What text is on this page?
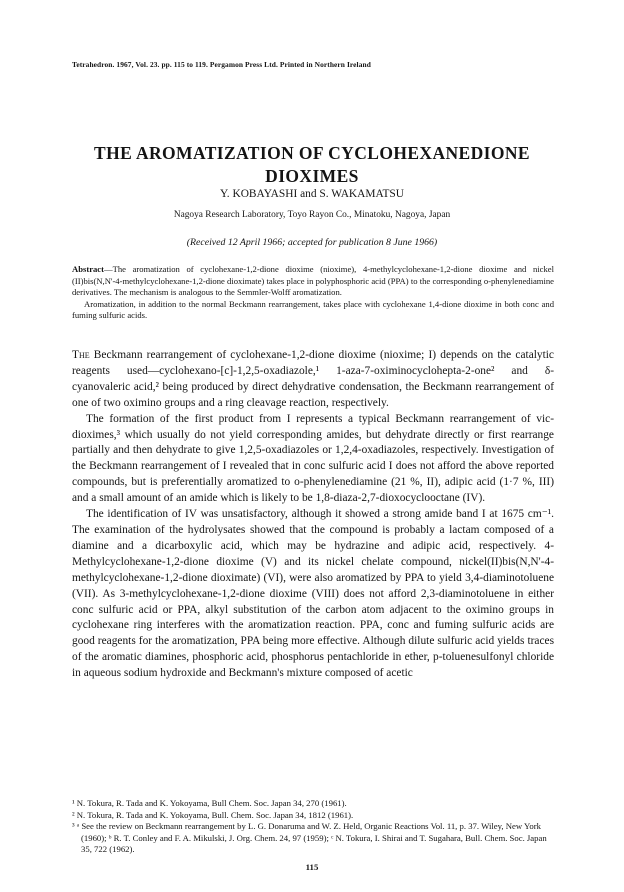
Tetrahedron. 1967, Vol. 23. pp. 115 to 119. Pergamon Press Ltd. Printed in Northern Ireland
THE AROMATIZATION OF CYCLOHEXANEDIONE
DIOXIMES
Y. KOBAYASHI and S. WAKAMATSU
Nagoya Research Laboratory, Toyo Rayon Co., Minatoku, Nagoya, Japan
(Received 12 April 1966; accepted for publication 8 June 1966)

Abstract—The aromatization of cyclohexane-1,2-dione dioxime (nioxime), 4-methylcyclohexane-1,2-dione dioxime and nickel (II)bis(N,N'-4-methylcyclohexane-1,2-dione dioximate) takes place in polyphosphoric acid (PPA) to the corresponding o-phenylenediamine derivatives. The mechanism is analogous to the Semmler-Wolff aromatization.

Aromatization, in addition to the normal Beckmann rearrangement, takes place with cyclohexane 1,4-dione dioxime in both conc and fuming sulfuric acids.

The Beckmann rearrangement of cyclohexane-1,2-dione dioxime (nioxime; I) depends on the catalytic reagents used—cyclohexano-[c]-1,2,5-oxadiazole,¹ 1-aza-7-oximinocyclohepta-2-one² and δ-cyanovaleric acid,² being produced by direct dehydrative condensation, the Beckmann rearrangement of one of two oximino groups and a ring cleavage reaction, respectively.

The formation of the first product from I represents a typical Beckmann rearrangement of vic-dioximes,³ which usually do not yield corresponding amides, but dehydrate directly or first rearrange partially and then dehydrate to give 1,2,5-oxadiazoles or 1,2,4-oxadiazoles, respectively. Investigation of the Beckmann rearrangement of I revealed that in conc sulfuric acid I does not afford the above reported compounds, but is preferentially aromatized to o-phenylenediamine (21 %, II), adipic acid (1·7 %, III) and a small amount of an amide which is likely to be 1,8-diaza-2,7-dioxocyclooctane (IV).

The identification of IV was unsatisfactory, although it showed a strong amide band I at 1675 cm⁻¹. The examination of the hydrolysates showed that the compound is probably a lactam composed of a diamine and a dicarboxylic acid, which may be hydrazine and adipic acid, respectively. 4-Methylcyclohexane-1,2-dione dioxime (V) and its nickel chelate compound, nickel(II)bis(N,N'-4-methylcyclohexane-1,2-dione dioximate) (VI), were also aromatized by PPA to yield 3,4-diaminotoluene (VII). As 3-methylcyclohexane-1,2-dione dioxime (VIII) does not afford 2,3-diaminotoluene in either conc sulfuric acid or PPA, alkyl substitution of the carbon atom adjacent to the oximino groups in cyclohexane ring interferes with the aromatization reaction. PPA, conc and fuming sulfuric acids are good reagents for the aromatization, PPA being more effective. Although dilute sulfuric acid yields traces of the aromatic diamines, phosphoric acid, phosphorus pentachloride in ether, p-toluenesulfonyl chloride in aqueous sodium hydroxide and Beckmann's mixture composed of acetic

¹ N. Tokura, R. Tada and K. Yokoyama, Bull Chem. Soc. Japan 34, 270 (1961).
² N. Tokura, R. Tada and K. Yokoyama, Bull. Chem. Soc. Japan 34, 1812 (1961).
³ ᵃ See the review on Beckmann rearrangement by L. G. Donaruma and W. Z. Held, Organic Reactions Vol. 11, p. 37. Wiley, New York (1960); ᵇ R. T. Conley and F. A. Mikulski, J. Org. Chem. 24, 97 (1959); ᶜ N. Tokura, I. Shirai and T. Sugahara, Bull. Chem. Soc. Japan 35, 722 (1962).
115
